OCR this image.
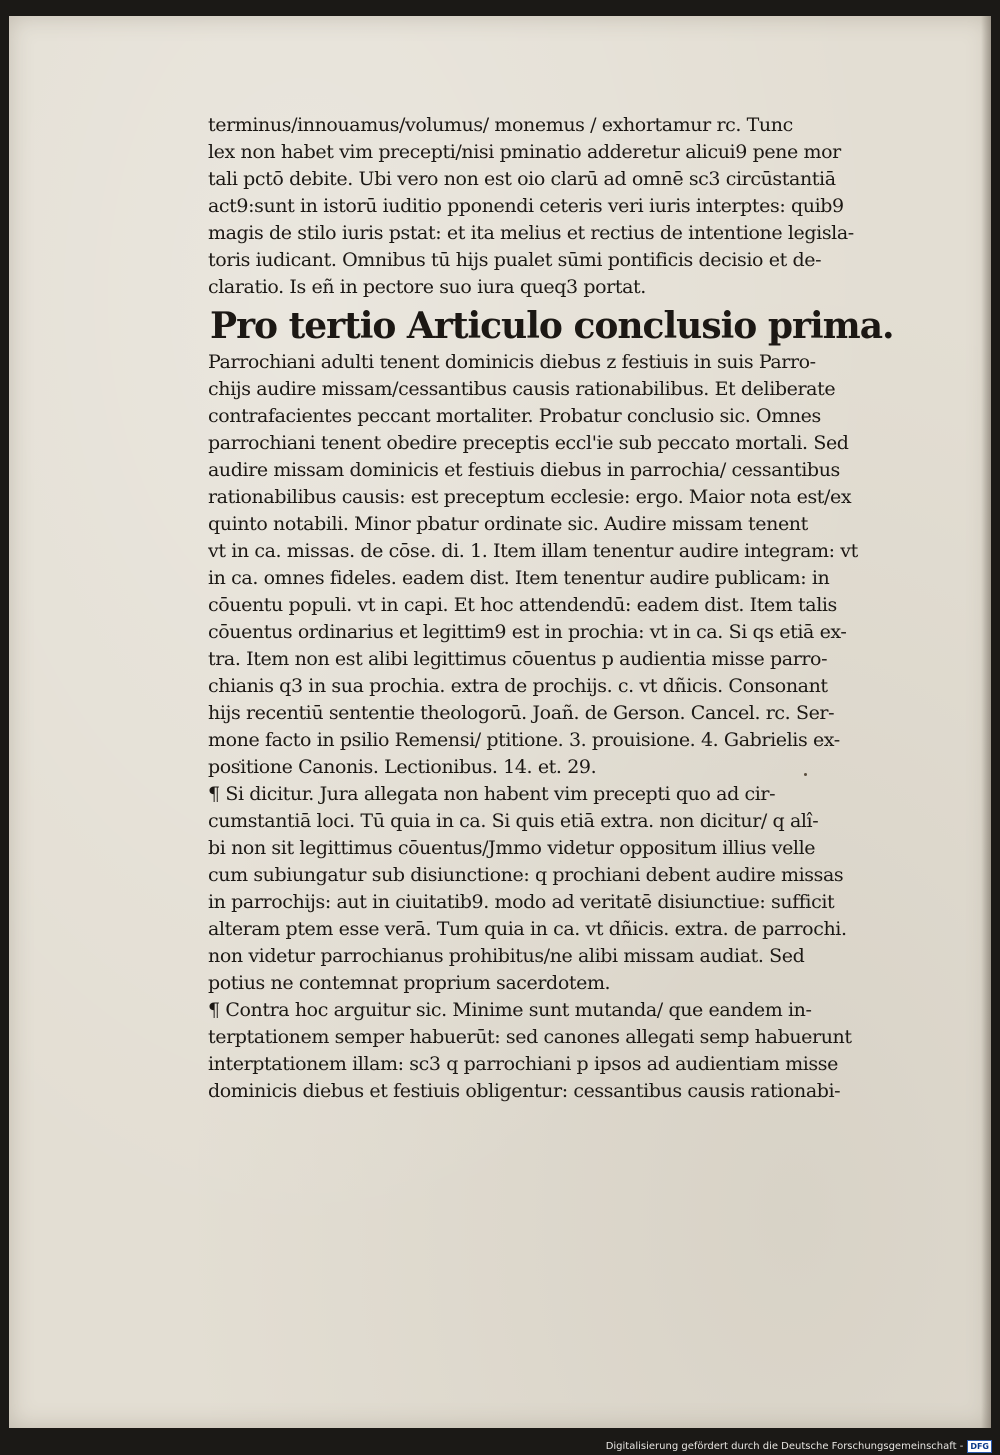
terminus/innouamus/volumus/ monemus / exhortamur rc. Tunc
lex non habet vim precepti/nisi pminatio adderetur alicui9 pene mor
tali pctō debite. Ubi vero non est oio clarū ad omnē sc3 circūstantiā
act9:sunt in istorū iuditio pponendi ceteris veri iuris interptes: quib9
magis de stilo iuris pstat: et ita melius et rectius de intentione legisla-
toris iudicant. Omnibus tū hijs pualet sūmi pontificis decisio et de-
claratio. Is eñ in pectore suo iura queq3 portat.
Pro tertio Articulo conclusio prima.
Parrochiani adulti tenent dominicis diebus z festiuis in suis Parro-
chijs audire missam/cessantibus causis rationabilibus. Et deliberate
contrafacientes peccant mortaliter. Probatur conclusio sic. Omnes
parrochiani tenent obedire preceptis eccl'ie sub peccato mortali. Sed
audire missam dominicis et festiuis diebus in parrochia/ cessantibus
rationabilibus causis: est preceptum ecclesie: ergo. Maior nota est/ex
quinto notabili. Minor pbatur ordinate sic. Audire missam tenent
vt in ca. missas. de cōse. di. 1. Item illam tenentur audire integram: vt
in ca. omnes fideles. eadem dist. Item tenentur audire publicam: in
cōuentu populi. vt in capi. Et hoc attendendū: eadem dist. Item talis
cōuentus ordinarius et legittim9 est in prochia: vt in ca. Si qs etiā ex-
tra. Item non est alibi legittimus cōuentus p audientia misse parro-
chianis q3 in sua prochia. extra de prochijs. c. vt dñicis. Consonant
hijs recentiū sententie theologorū. Joañ. de Gerson. Cancel. rc. Ser-
mone facto in psilio Remensi/ ptitione. 3. prouisione. 4. Gabrielis ex-
positione Canonis. Lectionibus. 14. et. 29.
¶ Si dicitur. Jura allegata non habent vim precepti quo ad cir-
cumstantiā loci. Tū quia in ca. Si quis etiā extra. non dicitur/ q alî-
bi non sit legittimus cōuentus/Jmmo videtur oppositum illius velle
cum subiungatur sub disiunctione: q prochiani debent audire missas
in parrochijs: aut in ciuitatib9. modo ad veritatē disiunctiue: sufficit
alteram ptem esse verā. Tum quia in ca. vt dñicis. extra. de parrochi.
non videtur parrochianus prohibitus/ne alibi missam audiat. Sed
potius ne contemnat proprium sacerdotem.
¶ Contra hoc arguitur sic. Minime sunt mutanda/ que eandem in-
terptationem semper habuerūt: sed canones allegati semp habuerunt
interptationem illam: sc3 q parrochiani p ipsos ad audientiam misse
dominicis diebus et festiuis obligentur: cessantibus causis rationabi-
Digitalisierung gefördert durch die Deutsche Forschungsgemeinschaft - DFG
